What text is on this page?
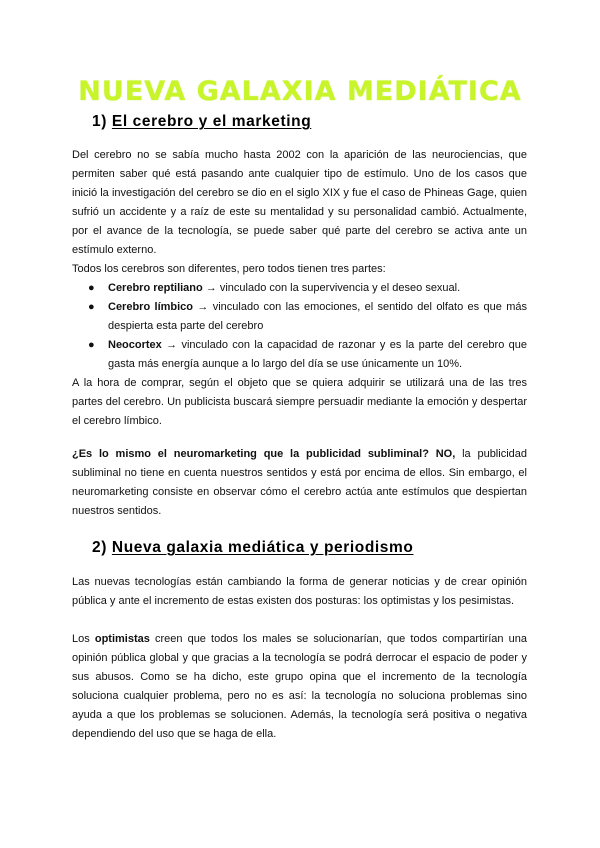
NUEVA GALAXIA MEDIÁTICA
1) El cerebro y el marketing

Del cerebro no se sabía mucho hasta 2002 con la aparición de las neurociencias, que permiten saber qué está pasando ante cualquier tipo de estímulo. Uno de los casos que inició la investigación del cerebro se dio en el siglo XIX y fue el caso de Phineas Gage, quien sufrió un accidente y a raíz de este su mentalidad y su personalidad cambió. Actualmente, por el avance de la tecnología, se puede saber qué parte del cerebro se activa ante un estímulo externo.

Todos los cerebros son diferentes, pero todos tienen tres partes:

● Cerebro reptiliano → vinculado con la supervivencia y el deseo sexual.
● Cerebro límbico → vinculado con las emociones, el sentido del olfato es que más despierta esta parte del cerebro
● Neocortex → vinculado con la capacidad de razonar y es la parte del cerebro que gasta más energía aunque a lo largo del día se use únicamente un 10%.

A la hora de comprar, según el objeto que se quiera adquirir se utilizará una de las tres partes del cerebro. Un publicista buscará siempre persuadir mediante la emoción y despertar el cerebro límbico.

¿Es lo mismo el neuromarketing que la publicidad subliminal? NO, la publicidad subliminal no tiene en cuenta nuestros sentidos y está por encima de ellos. Sin embargo, el neuromarketing consiste en observar cómo el cerebro actúa ante estímulos que despiertan nuestros sentidos.

2) Nueva galaxia mediática y periodismo

Las nuevas tecnologías están cambiando la forma de generar noticias y de crear opinión pública y ante el incremento de estas existen dos posturas: los optimistas y los pesimistas.

Los optimistas creen que todos los males se solucionarían, que todos compartirían una opinión pública global y que gracias a la tecnología se podrá derrocar el espacio de poder y sus abusos. Como se ha dicho, este grupo opina que el incremento de la tecnología soluciona cualquier problema, pero no es así: la tecnología no soluciona problemas sino ayuda a que los problemas se solucionen. Además, la tecnología será positiva o negativa dependiendo del uso que se haga de ella.
